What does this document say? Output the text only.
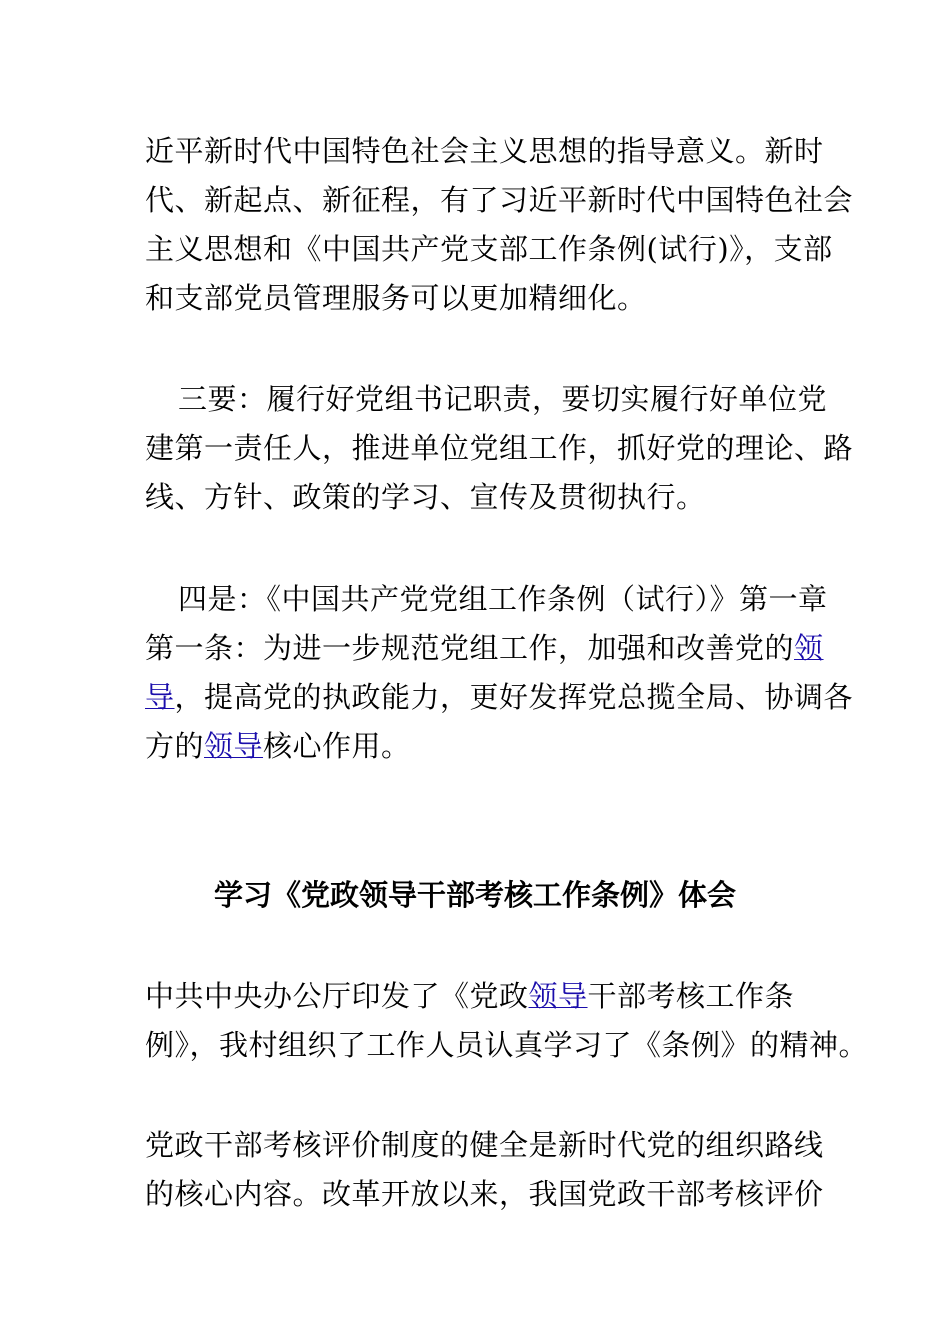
近平新时代中国特色社会主义思想的指导意义。新时
代、新起点、新征程，有了习近平新时代中国特色社会
主义思想和《中国共产党支部工作条例(试行)》，支部
和支部党员管理服务可以更加精细化。
三要：履行好党组书记职责，要切实履行好单位党
建第一责任人，推进单位党组工作，抓好党的理论、路
线、方针、政策的学习、宣传及贯彻执行。
四是：《中国共产党党组工作条例（试行）》第一章
第一条：为进一步规范党组工作，加强和改善党的领
导，提高党的执政能力，更好发挥党总揽全局、协调各
方的领导核心作用。
学习《党政领导干部考核工作条例》体会
中共中央办公厅印发了《党政领导干部考核工作条
例》，我村组织了工作人员认真学习了《条例》的精神。
党政干部考核评价制度的健全是新时代党的组织路线
的核心内容。改革开放以来，我国党政干部考核评价
